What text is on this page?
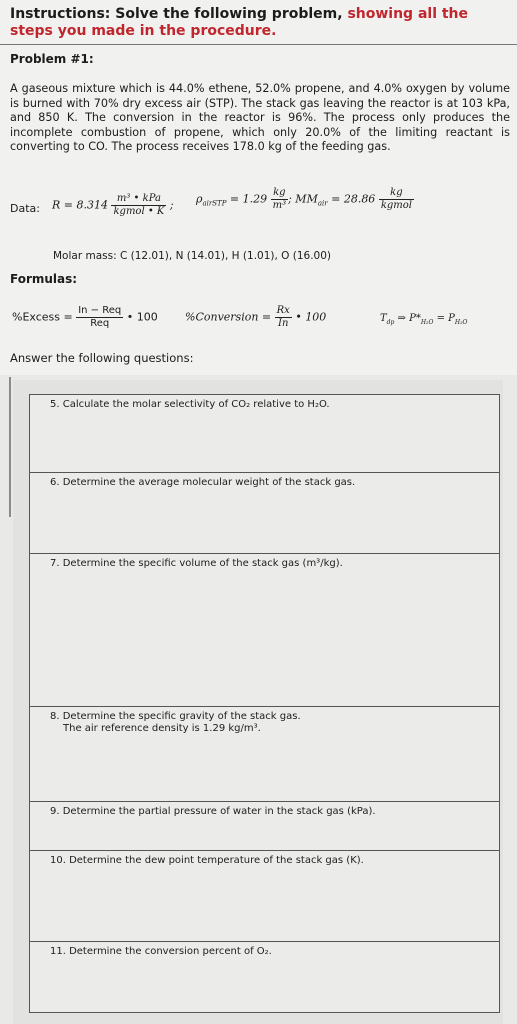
Instructions: Solve the following problem, showing all the steps you made in the procedure.
Problem #1:
A gaseous mixture which is 44.0% ethene, 52.0% propene, and 4.0% oxygen by volume is burned with 70% dry excess air (STP). The stack gas leaving the reactor is at 103 kPa, and 850 K. The conversion in the reactor is 96%. The process only produces the incomplete combustion of propene, which only 20.0% of the limiting reactant is converting to CO. The process receives 178.0 kg of the feeding gas.
Data: $R = 8.314 \frac{\text{m³ • kPa}}{\text{kgmol • K}}$ ; $\rho_{airSTP} = 1.29 \frac{kg}{\text{m³}}$ ; $MM_{air} = 28.86 \frac{kg}{\text{kgmol}}$
Molar mass: C (12.01), N (14.01), H (1.01), O (16.00)
Formulas:
%Excess = $\frac{\text{In − Req}}{\text{Req}}$ • 100 %Conversion = $\frac{Rx}{In}$ • 100	$T_{dp}$ ⇒ $P*_{H_2O} = P_{H_2O}$
Answer the following questions:
5. Calculate the molar selectivity of CO₂ relative to H₂O.
6. Determine the average molecular weight of the stack gas.
7. Determine the specific volume of the stack gas (m³/kg).
8. Determine the specific gravity of the stack gas.
The air reference density is 1.29 kg/m³.
9. Determine the partial pressure of water in the stack gas (kPa).
10. Determine the dew point temperature of the stack gas (K).
11. Determine the conversion percent of O₂.
